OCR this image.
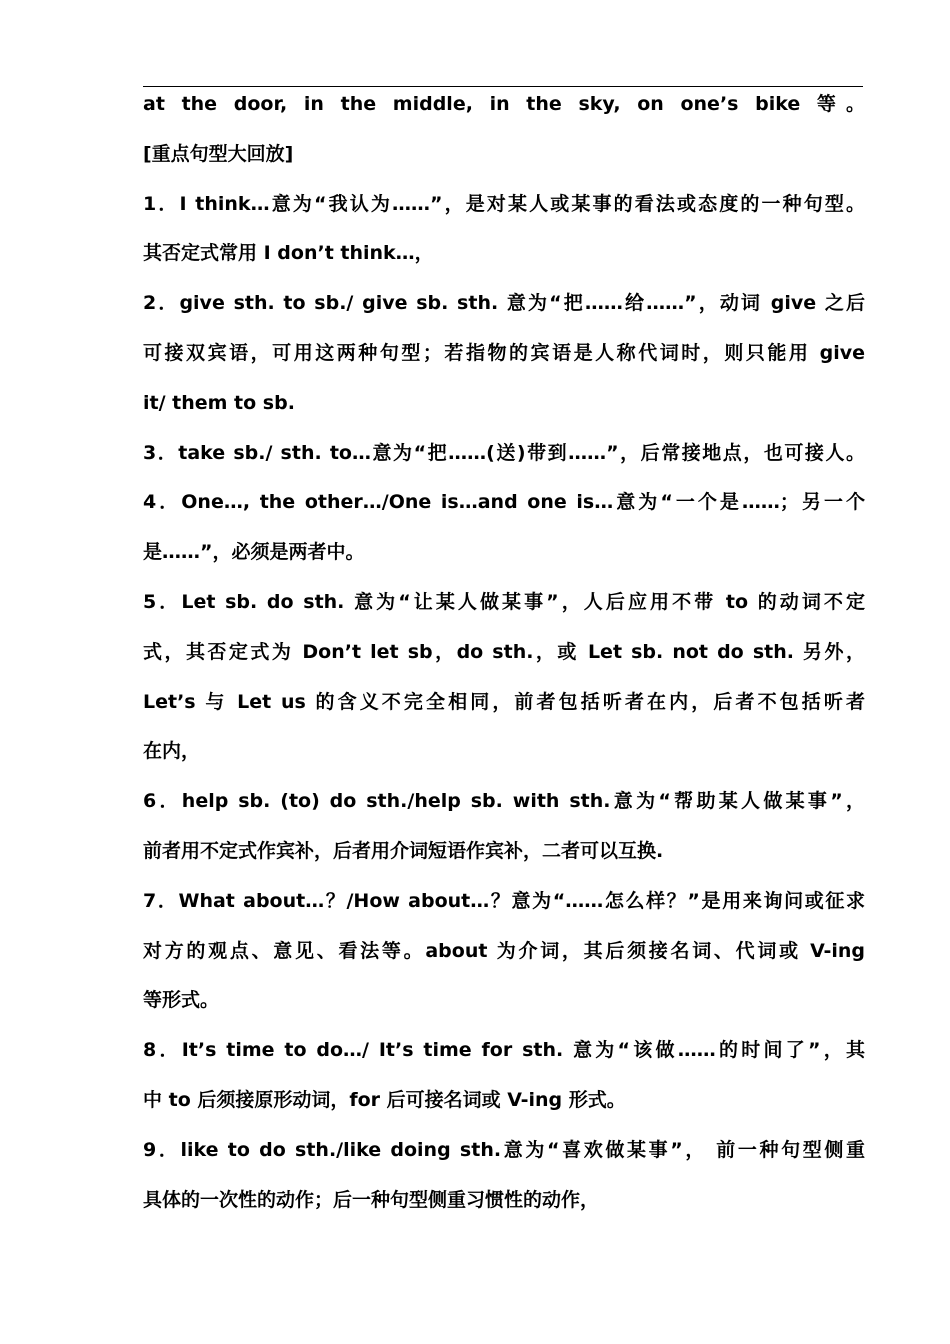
at the door, in the middle, in the sky, on one’s bike 等。
[重点句型大回放]
1．I think…意为“我认为……”，是对某人或某事的看法或态度的一种句型。
其否定式常用 I don’t think…，
2．give sth. to sb./ give sb. sth. 意为“把……给……”，动词 give 之后
可接双宾语，可用这两种句型；若指物的宾语是人称代词时，则只能用 give
it/ them to sb.
3．take sb./ sth. to…意为“把……(送)带到……”，后常接地点，也可接人。
4．One…, the other…/One is…and one is…意为“一个是……；另一个
是……”，必须是两者中。
5．Let sb. do sth. 意为“让某人做某事”，人后应用不带 to 的动词不定
式，其否定式为 Don’t let sb，do sth.，或 Let sb. not do sth. 另外，
Let’s 与 Let us 的含义不完全相同，前者包括听者在内，后者不包括听者
在内，
6．help sb. (to) do sth./help sb. with sth.意为“帮助某人做某事”，
前者用不定式作宾补，后者用介词短语作宾补，二者可以互换.
7．What about…？/How about…？意为“……怎么样？”是用来询问或征求
对方的观点、意见、看法等。about 为介词，其后须接名词、代词或 V-ing
等形式。
8．It’s time to do…/ It’s time for sth. 意为“该做……的时间了”，其
中 to 后须接原形动词，for 后可接名词或 V-ing 形式。
9．like to do sth./like doing sth.意为“喜欢做某事”， 前一种句型侧重
具体的一次性的动作；后一种句型侧重习惯性的动作，
